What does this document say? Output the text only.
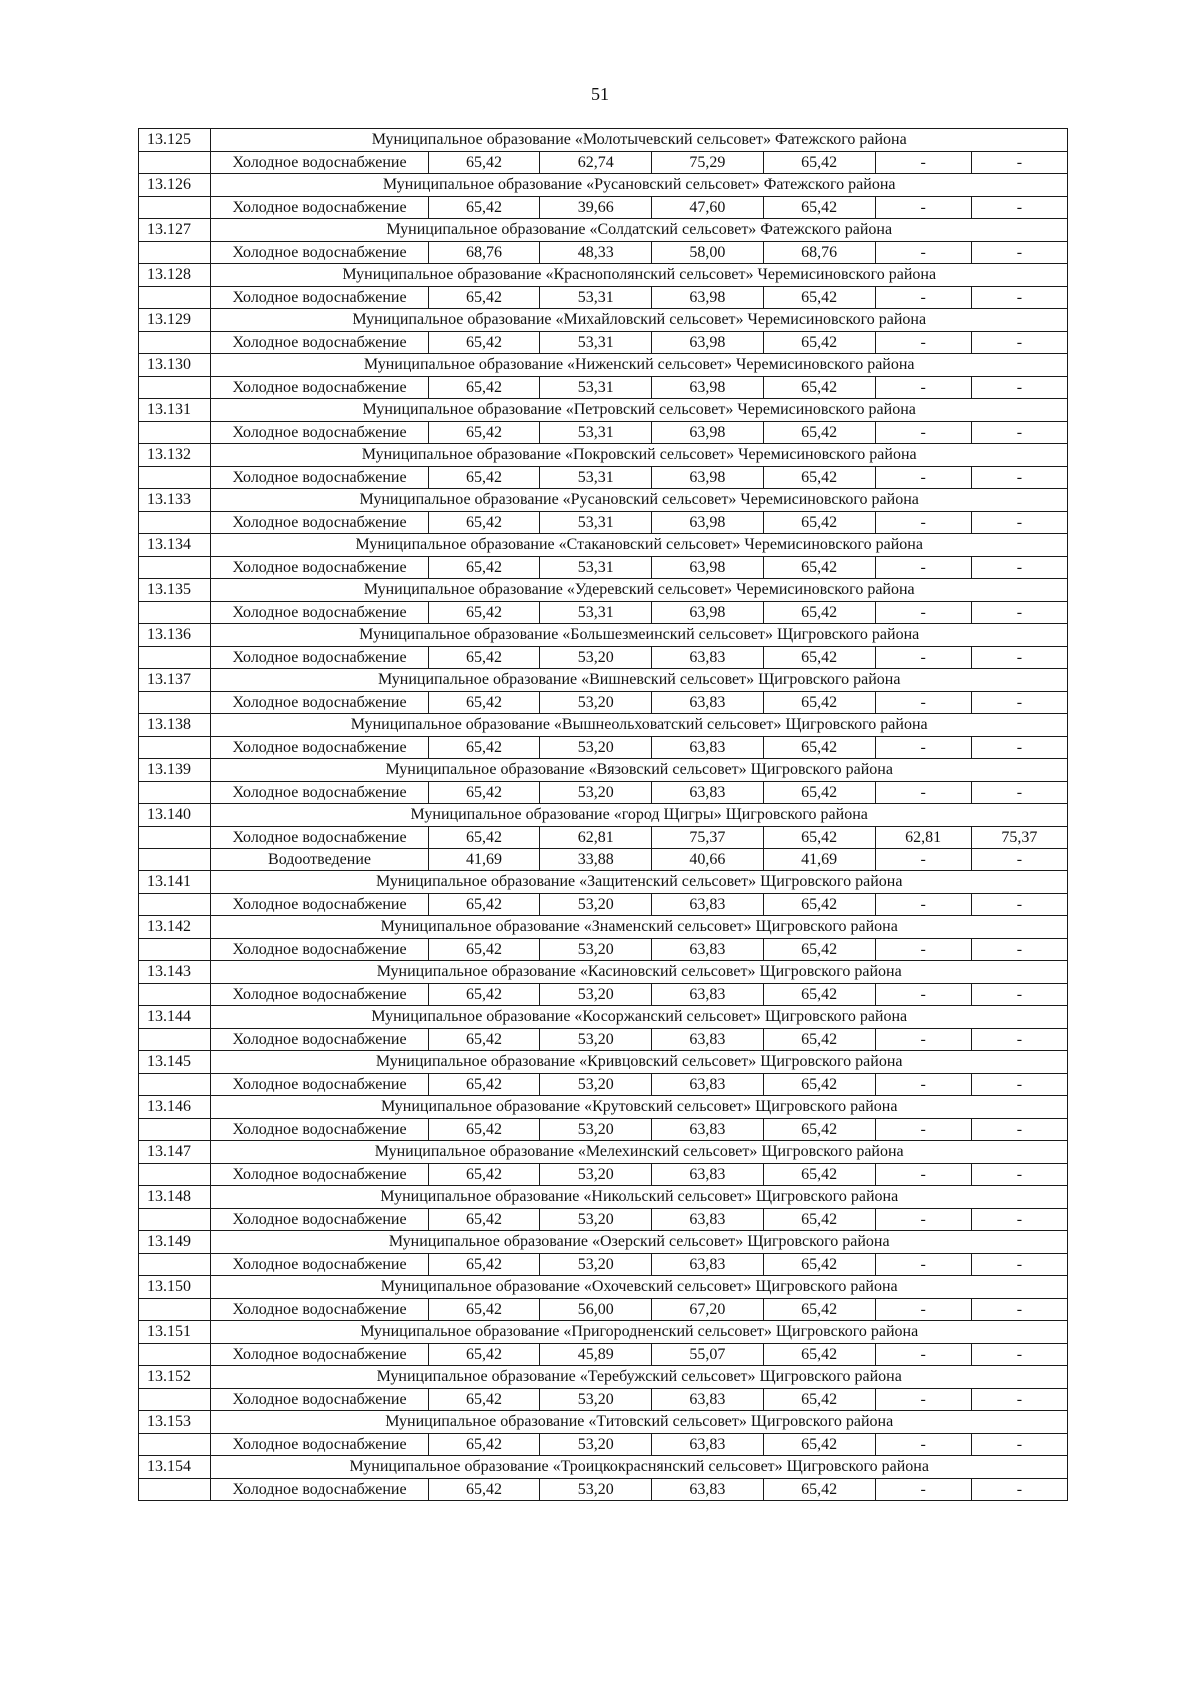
51
13.125	Муниципальное образование «Молотычевский сельсовет» Фатежского района						
	Холодное водоснабжение	65,42	62,74	75,29	65,42	-	-
13.126	Муниципальное образование «Русановский сельсовет» Фатежского района						
	Холодное водоснабжение	65,42	39,66	47,60	65,42	-	-
13.127	Муниципальное образование «Солдатский сельсовет» Фатежского района						
	Холодное водоснабжение	68,76	48,33	58,00	68,76	-	-
13.128	Муниципальное образование «Краснополянский сельсовет» Черемисиновского района						
	Холодное водоснабжение	65,42	53,31	63,98	65,42	-	-
13.129	Муниципальное образование «Михайловский сельсовет» Черемисиновского района						
	Холодное водоснабжение	65,42	53,31	63,98	65,42	-	-
13.130	Муниципальное образование «Ниженский сельсовет» Черемисиновского района						
	Холодное водоснабжение	65,42	53,31	63,98	65,42	-	-
13.131	Муниципальное образование «Петровский сельсовет» Черемисиновского района						
	Холодное водоснабжение	65,42	53,31	63,98	65,42	-	-
13.132	Муниципальное образование «Покровский сельсовет» Черемисиновского района						
	Холодное водоснабжение	65,42	53,31	63,98	65,42	-	-
13.133	Муниципальное образование «Русановский сельсовет» Черемисиновского района						
	Холодное водоснабжение	65,42	53,31	63,98	65,42	-	-
13.134	Муниципальное образование «Стакановский сельсовет» Черемисиновского района						
	Холодное водоснабжение	65,42	53,31	63,98	65,42	-	-
13.135	Муниципальное образование «Удеревский сельсовет» Черемисиновского района						
	Холодное водоснабжение	65,42	53,31	63,98	65,42	-	-
13.136	Муниципальное образование «Большезмеинский сельсовет» Щигровского района						
	Холодное водоснабжение	65,42	53,20	63,83	65,42	-	-
13.137	Муниципальное образование «Вишневский сельсовет» Щигровского района						
	Холодное водоснабжение	65,42	53,20	63,83	65,42	-	-
13.138	Муниципальное образование «Вышнеольховатский сельсовет» Щигровского района						
	Холодное водоснабжение	65,42	53,20	63,83	65,42	-	-
13.139	Муниципальное образование «Вязовский сельсовет» Щигровского района						
	Холодное водоснабжение	65,42	53,20	63,83	65,42	-	-
13.140	Муниципальное образование «город Щигры» Щигровского района						
	Холодное водоснабжение	65,42	62,81	75,37	65,42	62,81	75,37
	Водоотведение	41,69	33,88	40,66	41,69	-	-
13.141	Муниципальное образование «Защитенский сельсовет» Щигровского района						
	Холодное водоснабжение	65,42	53,20	63,83	65,42	-	-
13.142	Муниципальное образование «Знаменский сельсовет» Щигровского района						
	Холодное водоснабжение	65,42	53,20	63,83	65,42	-	-
13.143	Муниципальное образование «Касиновский сельсовет» Щигровского района						
	Холодное водоснабжение	65,42	53,20	63,83	65,42	-	-
13.144	Муниципальное образование «Косоржанский сельсовет» Щигровского района						
	Холодное водоснабжение	65,42	53,20	63,83	65,42	-	-
13.145	Муниципальное образование «Кривцовский сельсовет» Щигровского района						
	Холодное водоснабжение	65,42	53,20	63,83	65,42	-	-
13.146	Муниципальное образование «Крутовский сельсовет» Щигровского района						
	Холодное водоснабжение	65,42	53,20	63,83	65,42	-	-
13.147	Муниципальное образование «Мелехинский сельсовет» Щигровского района						
	Холодное водоснабжение	65,42	53,20	63,83	65,42	-	-
13.148	Муниципальное образование «Никольский сельсовет» Щигровского района						
	Холодное водоснабжение	65,42	53,20	63,83	65,42	-	-
13.149	Муниципальное образование «Озерский сельсовет» Щигровского района						
	Холодное водоснабжение	65,42	53,20	63,83	65,42	-	-
13.150	Муниципальное образование «Охочевский сельсовет» Щигровского района						
	Холодное водоснабжение	65,42	56,00	67,20	65,42	-	-
13.151	Муниципальное образование «Пригородненский сельсовет» Щигровского района						
	Холодное водоснабжение	65,42	45,89	55,07	65,42	-	-
13.152	Муниципальное образование «Теребужский сельсовет» Щигровского района						
	Холодное водоснабжение	65,42	53,20	63,83	65,42	-	-
13.153	Муниципальное образование «Титовский сельсовет» Щигровского района						
	Холодное водоснабжение	65,42	53,20	63,83	65,42	-	-
13.154	Муниципальное образование «Троицкокраснянский сельсовет» Щигровского района						
	Холодное водоснабжение	65,42	53,20	63,83	65,42	-	-
